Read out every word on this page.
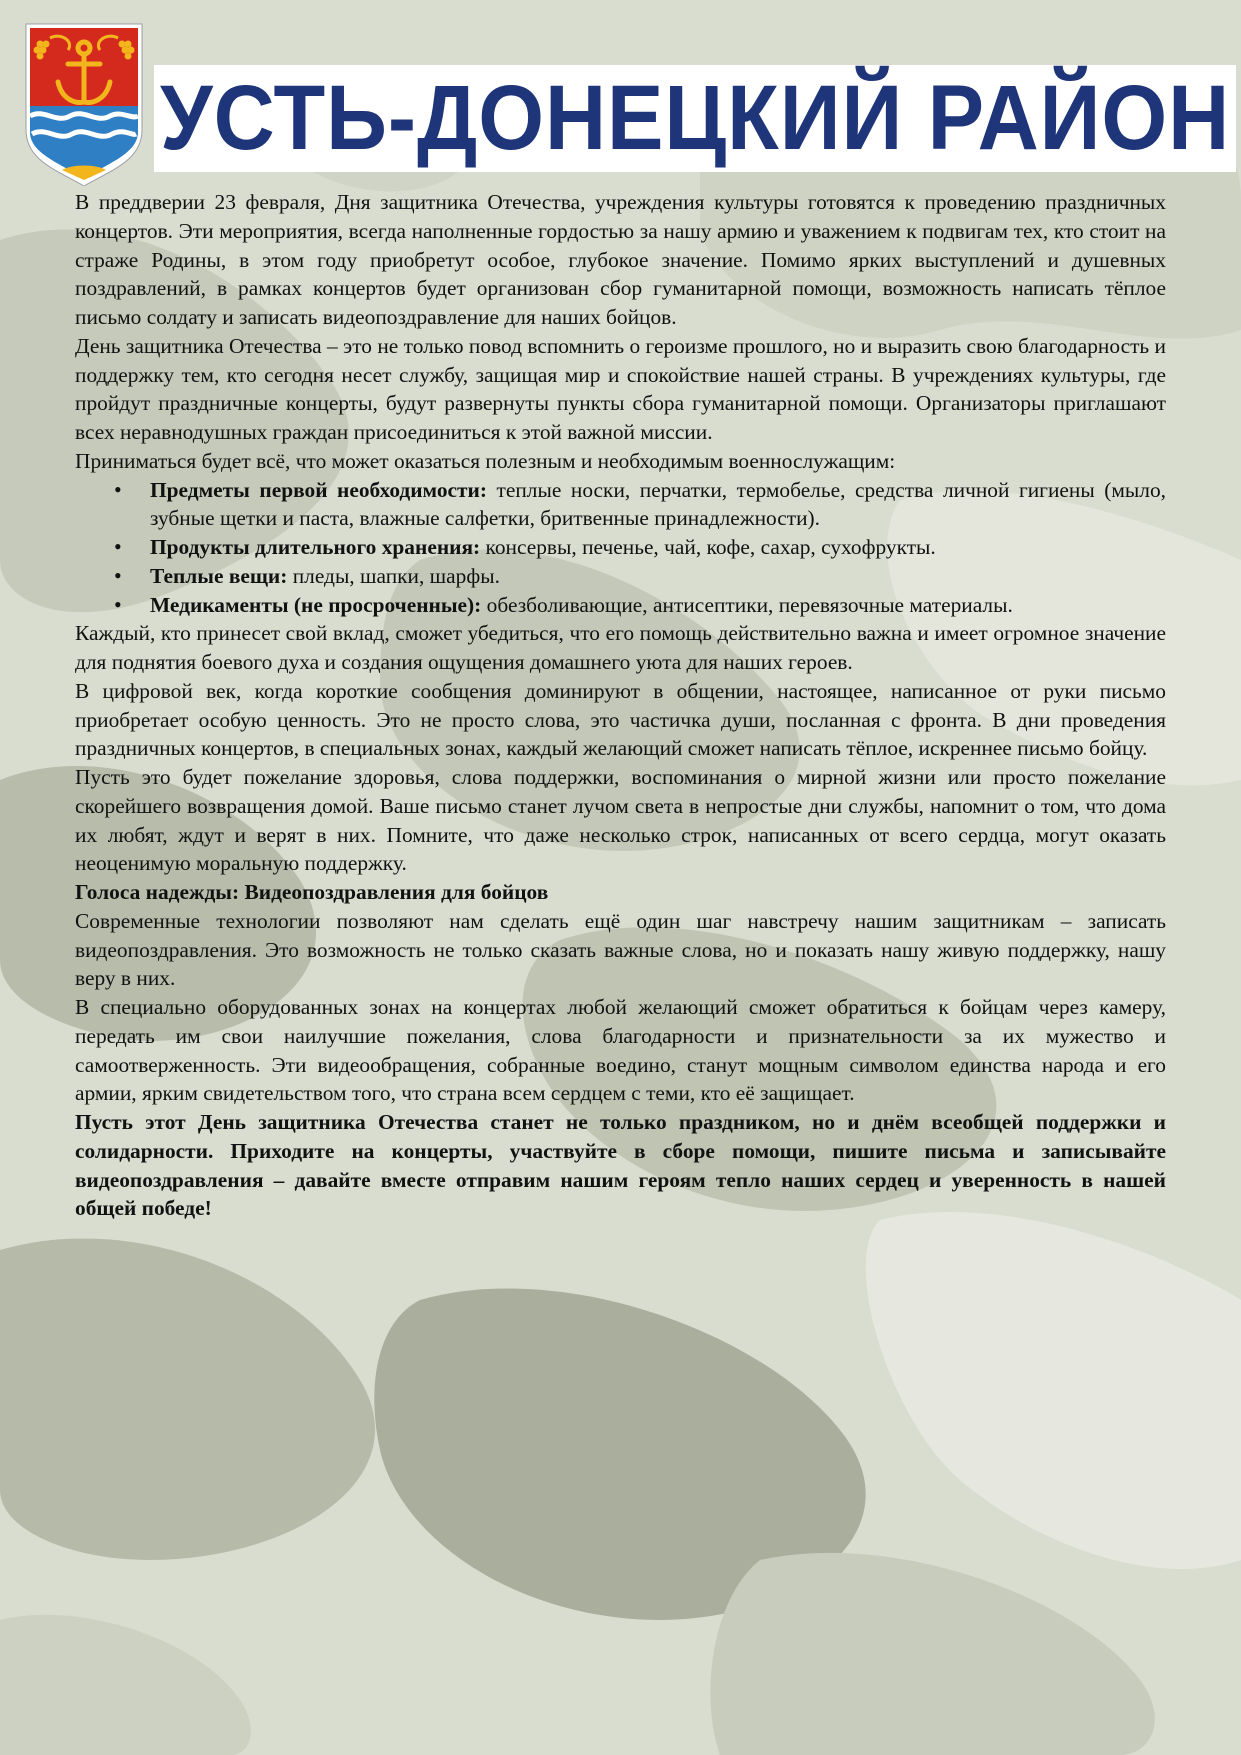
УСТЬ-ДОНЕЦКИЙ РАЙОН

В преддверии 23 февраля, Дня защитника Отечества, учреждения культуры готовятся к проведению праздничных концертов. Эти мероприятия, всегда наполненные гордостью за нашу армию и уважением к подвигам тех, кто стоит на страже Родины, в этом году приобретут особое, глубокое значение. Помимо ярких выступлений и душевных поздравлений, в рамках концертов будет организован сбор гуманитарной помощи, возможность написать тёплое письмо солдату и записать видеопоздравление для наших бойцов.

День защитника Отечества – это не только повод вспомнить о героизме прошлого, но и выразить свою благодарность и поддержку тем, кто сегодня несет службу, защищая мир и спокойствие нашей страны. В учреждениях культуры, где пройдут праздничные концерты, будут развернуты пункты сбора гуманитарной помощи. Организаторы приглашают всех неравнодушных граждан присоединиться к этой важной миссии.

Приниматься будет всё, что может оказаться полезным и необходимым военнослужащим:

• Предметы первой необходимости: теплые носки, перчатки, термобелье, средства личной гигиены (мыло, зубные щетки и паста, влажные салфетки, бритвенные принадлежности).
• Продукты длительного хранения: консервы, печенье, чай, кофе, сахар, сухофрукты.
• Теплые вещи: пледы, шапки, шарфы.
• Медикаменты (не просроченные): обезболивающие, антисептики, перевязочные материалы.

Каждый, кто принесет свой вклад, сможет убедиться, что его помощь действительно важна и имеет огромное значение для поднятия боевого духа и создания ощущения домашнего уюта для наших героев.

В цифровой век, когда короткие сообщения доминируют в общении, настоящее, написанное от руки письмо приобретает особую ценность. Это не просто слова, это частичка души, посланная с фронта. В дни проведения праздничных концертов, в специальных зонах, каждый желающий сможет написать тёплое, искреннее письмо бойцу.

Пусть это будет пожелание здоровья, слова поддержки, воспоминания о мирной жизни или просто пожелание скорейшего возвращения домой. Ваше письмо станет лучом света в непростые дни службы, напомнит о том, что дома их любят, ждут и верят в них. Помните, что даже несколько строк, написанных от всего сердца, могут оказать неоценимую моральную поддержку.

Голоса надежды: Видеопоздравления для бойцов

Современные технологии позволяют нам сделать ещё один шаг навстречу нашим защитникам – записать видеопоздравления. Это возможность не только сказать важные слова, но и показать нашу живую поддержку, нашу веру в них.

В специально оборудованных зонах на концертах любой желающий сможет обратиться к бойцам через камеру, передать им свои наилучшие пожелания, слова благодарности и признательности за их мужество и самоотверженность. Эти видеообращения, собранные воедино, станут мощным символом единства народа и его армии, ярким свидетельством того, что страна всем сердцем с теми, кто её защищает.

Пусть этот День защитника Отечества станет не только праздником, но и днём всеобщей поддержки и солидарности. Приходите на концерты, участвуйте в сборе помощи, пишите письма и записывайте видеопоздравления – давайте вместе отправим нашим героям тепло наших сердец и уверенность в нашей общей победе!
